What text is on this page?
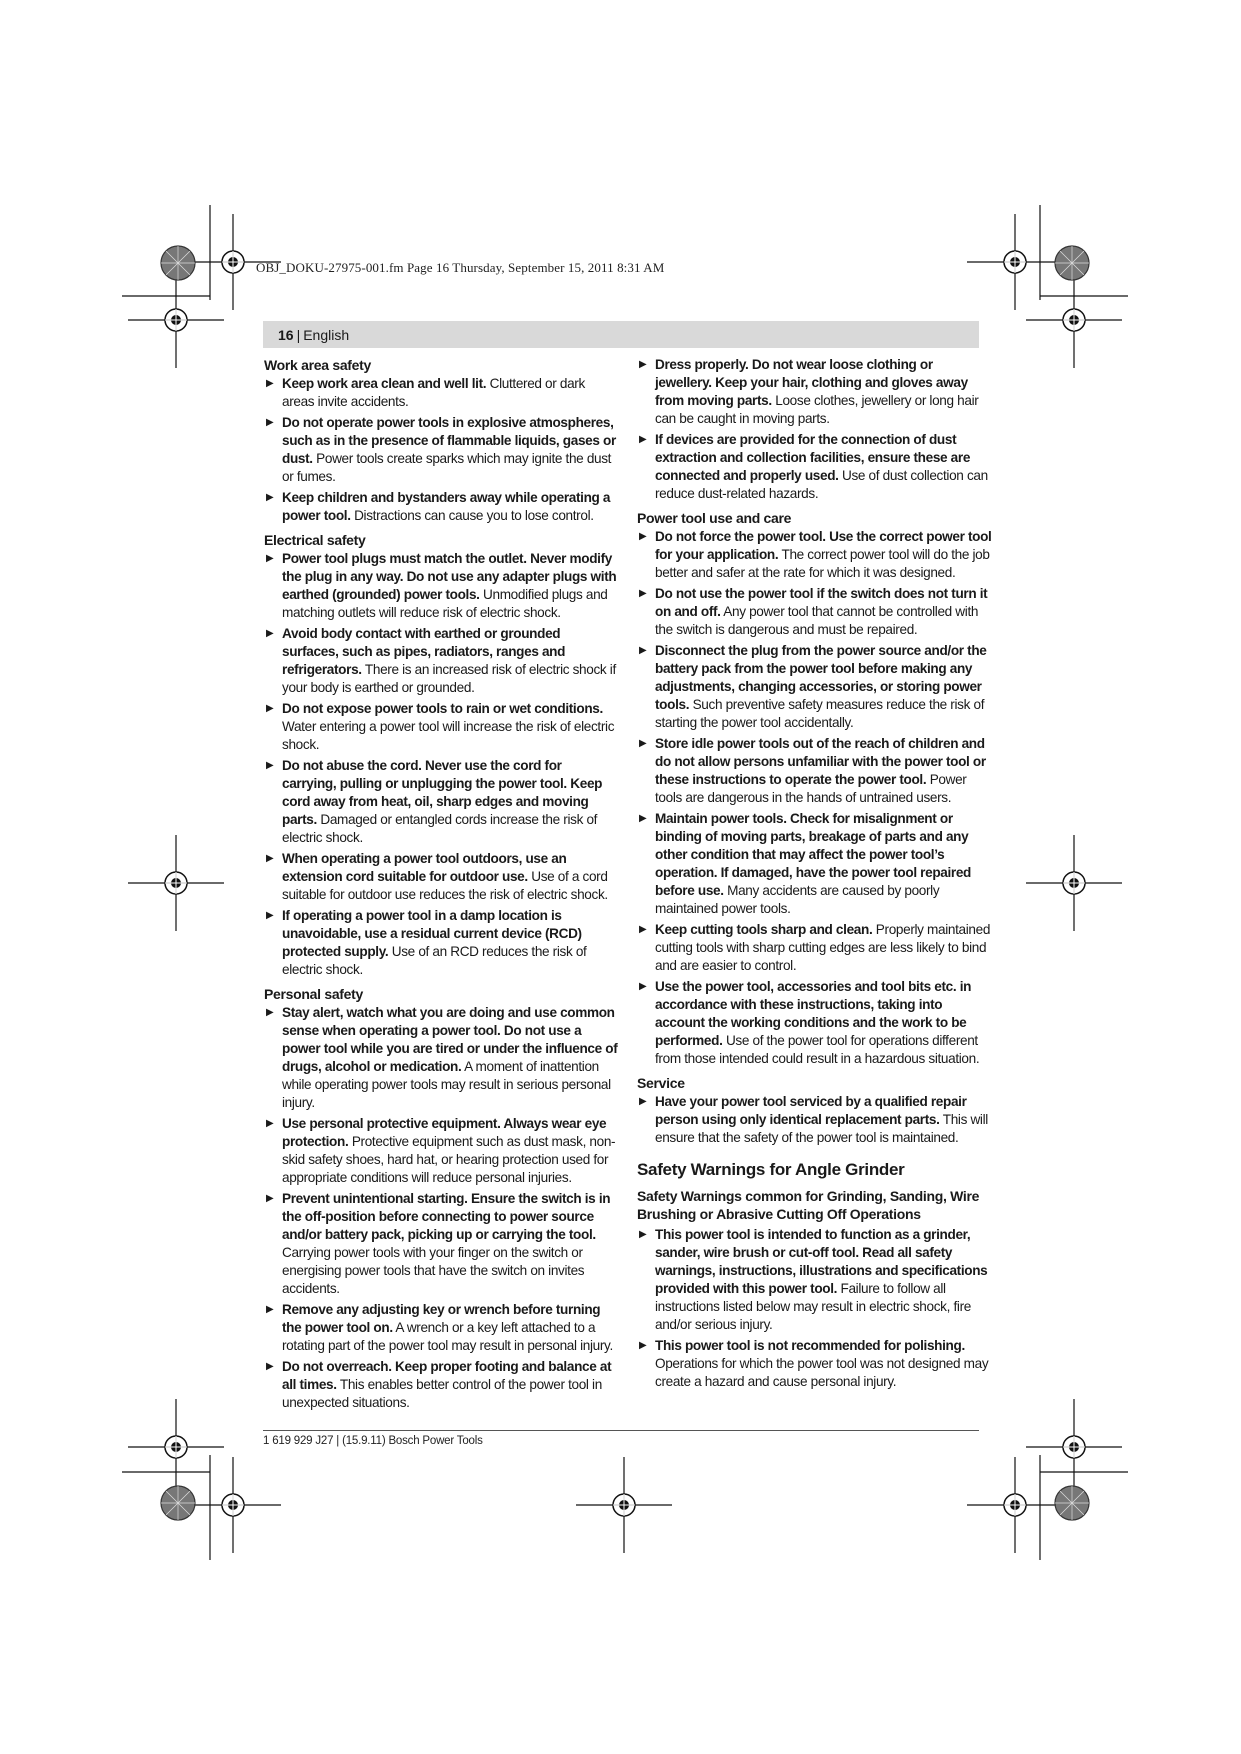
OBJ_DOKU-27975-001.fm Page 16 Thursday, September 15, 2011 8:31 AM
16 | English
Work area safety
▶ Keep work area clean and well lit. Cluttered or dark areas invite accidents.
▶ Do not operate power tools in explosive atmospheres, such as in the presence of flammable liquids, gases or dust. Power tools create sparks which may ignite the dust or fumes.
▶ Keep children and bystanders away while operating a power tool. Distractions can cause you to lose control.
Electrical safety
▶ Power tool plugs must match the outlet. Never modify the plug in any way. Do not use any adapter plugs with earthed (grounded) power tools. Unmodified plugs and matching outlets will reduce risk of electric shock.
▶ Avoid body contact with earthed or grounded surfaces, such as pipes, radiators, ranges and refrigerators. There is an increased risk of electric shock if your body is earthed or grounded.
▶ Do not expose power tools to rain or wet conditions. Water entering a power tool will increase the risk of electric shock.
▶ Do not abuse the cord. Never use the cord for carrying, pulling or unplugging the power tool. Keep cord away from heat, oil, sharp edges and moving parts. Damaged or entangled cords increase the risk of electric shock.
▶ When operating a power tool outdoors, use an extension cord suitable for outdoor use. Use of a cord suitable for outdoor use reduces the risk of electric shock.
▶ If operating a power tool in a damp location is unavoidable, use a residual current device (RCD) protected supply. Use of an RCD reduces the risk of electric shock.
Personal safety
▶ Stay alert, watch what you are doing and use common sense when operating a power tool. Do not use a power tool while you are tired or under the influence of drugs, alcohol or medication. A moment of inattention while operating power tools may result in serious personal injury.
▶ Use personal protective equipment. Always wear eye protection. Protective equipment such as dust mask, non-skid safety shoes, hard hat, or hearing protection used for appropriate conditions will reduce personal injuries.
▶ Prevent unintentional starting. Ensure the switch is in the off-position before connecting to power source and/or battery pack, picking up or carrying the tool. Carrying power tools with your finger on the switch or energising power tools that have the switch on invites accidents.
▶ Remove any adjusting key or wrench before turning the power tool on. A wrench or a key left attached to a rotating part of the power tool may result in personal injury.
▶ Do not overreach. Keep proper footing and balance at all times. This enables better control of the power tool in unexpected situations.
▶ Dress properly. Do not wear loose clothing or jewellery. Keep your hair, clothing and gloves away from moving parts. Loose clothes, jewellery or long hair can be caught in moving parts.
▶ If devices are provided for the connection of dust extraction and collection facilities, ensure these are connected and properly used. Use of dust collection can reduce dust-related hazards.
Power tool use and care
▶ Do not force the power tool. Use the correct power tool for your application. The correct power tool will do the job better and safer at the rate for which it was designed.
▶ Do not use the power tool if the switch does not turn it on and off. Any power tool that cannot be controlled with the switch is dangerous and must be repaired.
▶ Disconnect the plug from the power source and/or the battery pack from the power tool before making any adjustments, changing accessories, or storing power tools. Such preventive safety measures reduce the risk of starting the power tool accidentally.
▶ Store idle power tools out of the reach of children and do not allow persons unfamiliar with the power tool or these instructions to operate the power tool. Power tools are dangerous in the hands of untrained users.
▶ Maintain power tools. Check for misalignment or binding of moving parts, breakage of parts and any other condition that may affect the power tool’s operation. If damaged, have the power tool repaired before use. Many accidents are caused by poorly maintained power tools.
▶ Keep cutting tools sharp and clean. Properly maintained cutting tools with sharp cutting edges are less likely to bind and are easier to control.
▶ Use the power tool, accessories and tool bits etc. in accordance with these instructions, taking into account the working conditions and the work to be performed. Use of the power tool for operations different from those intended could result in a hazardous situation.
Service
▶ Have your power tool serviced by a qualified repair person using only identical replacement parts. This will ensure that the safety of the power tool is maintained.
Safety Warnings for Angle Grinder
Safety Warnings common for Grinding, Sanding, Wire Brushing or Abrasive Cutting Off Operations
▶ This power tool is intended to function as a grinder, sander, wire brush or cut-off tool. Read all safety warnings, instructions, illustrations and specifications provided with this power tool. Failure to follow all instructions listed below may result in electric shock, fire and/or serious injury.
▶ This power tool is not recommended for polishing. Operations for which the power tool was not designed may create a hazard and cause personal injury.
1 619 929 J27 | (15.9.11) Bosch Power Tools
